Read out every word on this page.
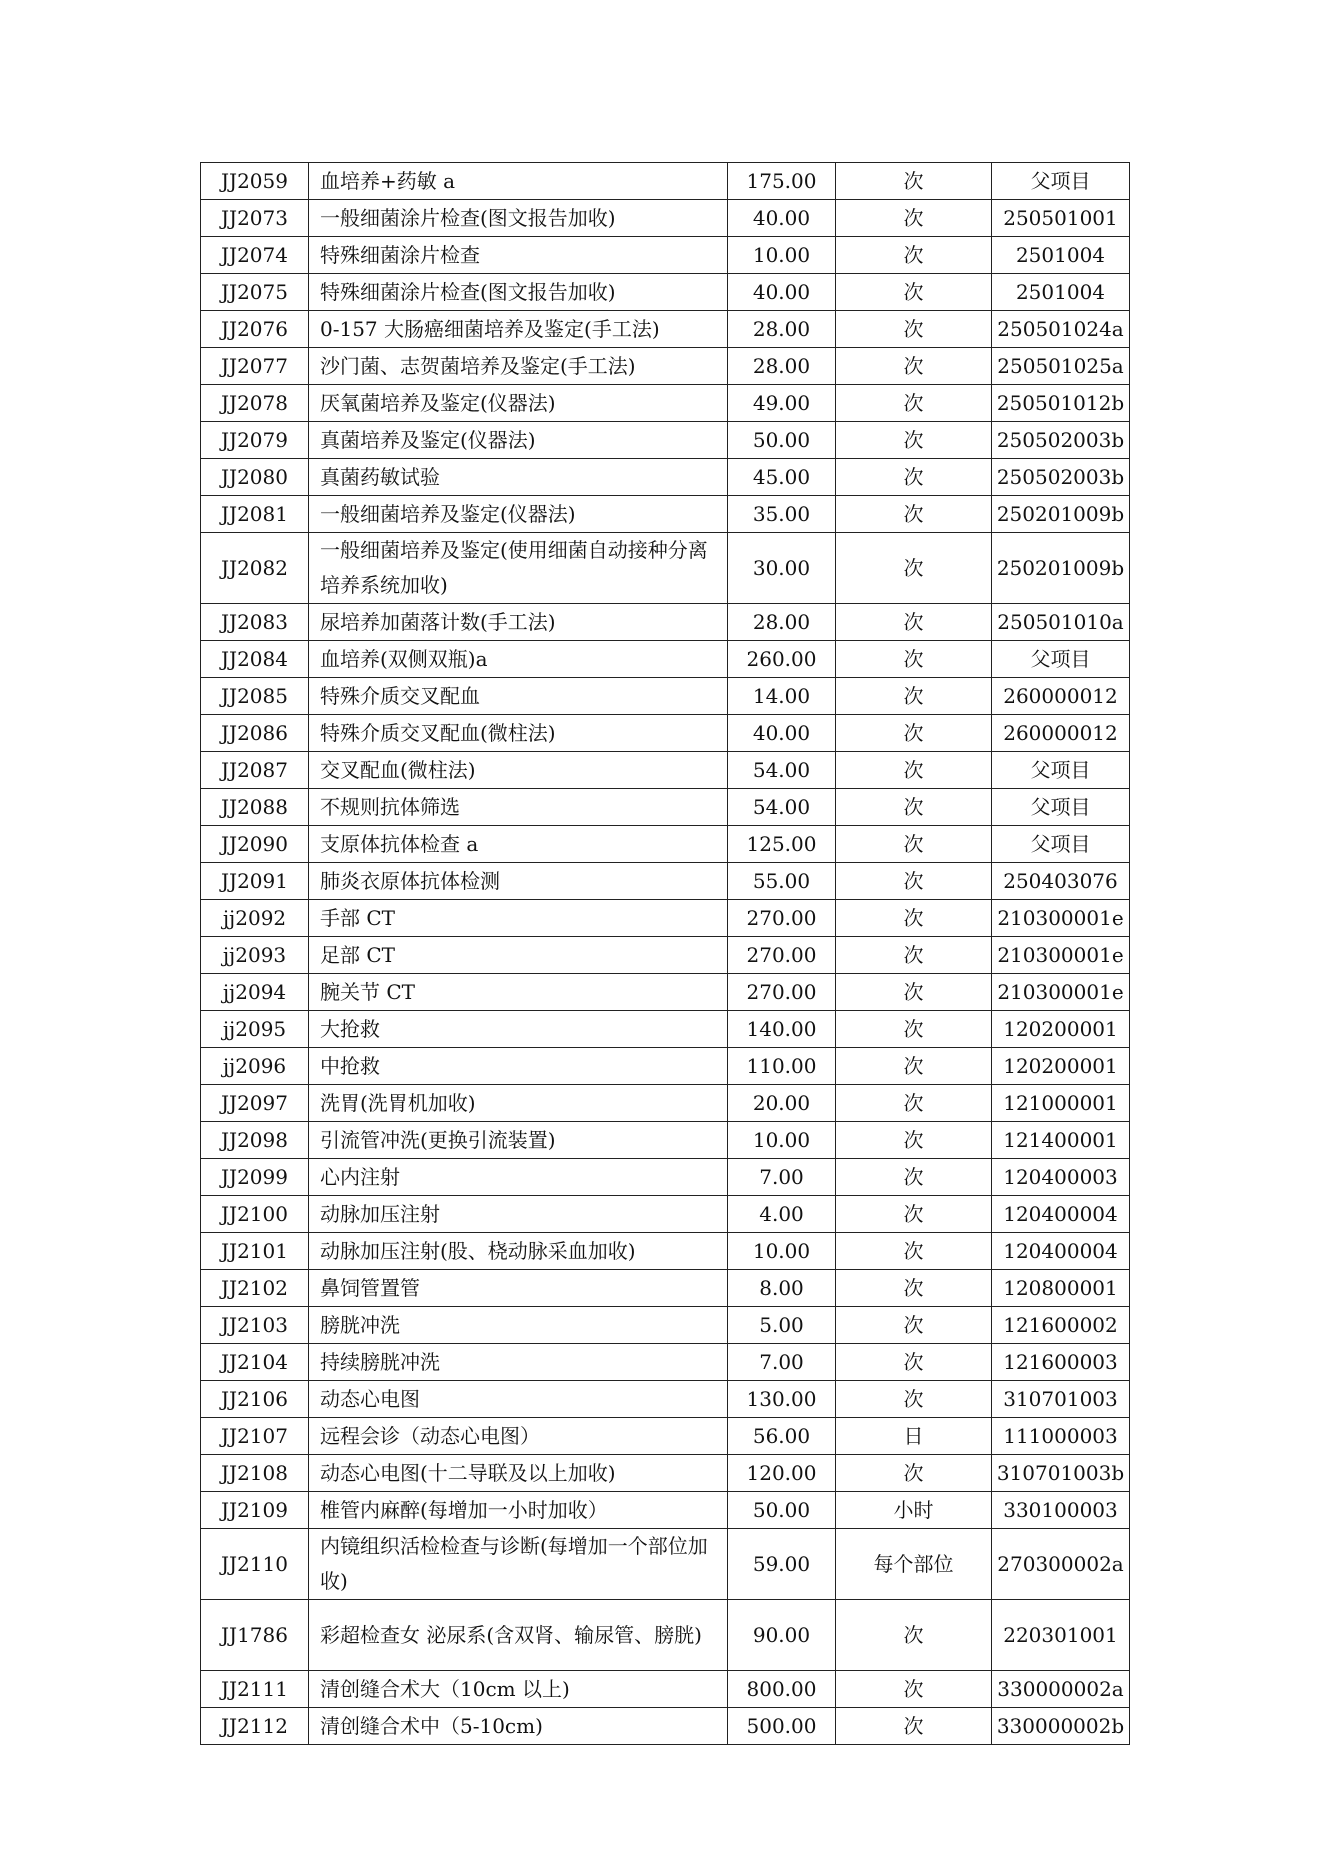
JJ2059	血培养+药敏 a	175.00	次	父项目
JJ2073	一般细菌涂片检查(图文报告加收)	40.00	次	250501001
JJ2074	特殊细菌涂片检查	10.00	次	2501004
JJ2075	特殊细菌涂片检查(图文报告加收)	40.00	次	2501004
JJ2076	0-157 大肠癌细菌培养及鉴定(手工法)	28.00	次	250501024a
JJ2077	沙门菌、志贺菌培养及鉴定(手工法)	28.00	次	250501025a
JJ2078	厌氧菌培养及鉴定(仪器法)	49.00	次	250501012b
JJ2079	真菌培养及鉴定(仪器法)	50.00	次	250502003b
JJ2080	真菌药敏试验	45.00	次	250502003b
JJ2081	一般细菌培养及鉴定(仪器法)	35.00	次	250201009b
JJ2082	一般细菌培养及鉴定(使用细菌自动接种分离培养系统加收)	30.00	次	250201009b
JJ2083	尿培养加菌落计数(手工法)	28.00	次	250501010a
JJ2084	血培养(双侧双瓶)a	260.00	次	父项目
JJ2085	特殊介质交叉配血	14.00	次	260000012
JJ2086	特殊介质交叉配血(微柱法)	40.00	次	260000012
JJ2087	交叉配血(微柱法)	54.00	次	父项目
JJ2088	不规则抗体筛选	54.00	次	父项目
JJ2090	支原体抗体检查 a	125.00	次	父项目
JJ2091	肺炎衣原体抗体检测	55.00	次	250403076
jj2092	手部 CT	270.00	次	210300001e
jj2093	足部 CT	270.00	次	210300001e
jj2094	腕关节 CT	270.00	次	210300001e
jj2095	大抢救	140.00	次	120200001
jj2096	中抢救	110.00	次	120200001
JJ2097	洗胃(洗胃机加收)	20.00	次	121000001
JJ2098	引流管冲洗(更换引流装置)	10.00	次	121400001
JJ2099	心内注射	7.00	次	120400003
JJ2100	动脉加压注射	4.00	次	120400004
JJ2101	动脉加压注射(股、桡动脉采血加收)	10.00	次	120400004
JJ2102	鼻饲管置管	8.00	次	120800001
JJ2103	膀胱冲洗	5.00	次	121600002
JJ2104	持续膀胱冲洗	7.00	次	121600003
JJ2106	动态心电图	130.00	次	310701003
JJ2107	远程会诊（动态心电图）	56.00	日	111000003
JJ2108	动态心电图(十二导联及以上加收)	120.00	次	310701003b
JJ2109	椎管内麻醉(每增加一小时加收）	50.00	小时	330100003
JJ2110	内镜组织活检检查与诊断(每增加一个部位加收)	59.00	每个部位	270300002a
JJ1786	彩超检查女 泌尿系(含双肾、输尿管、膀胱)	90.00	次	220301001
JJ2111	清创缝合术大（10cm 以上)	800.00	次	330000002a
JJ2112	清创缝合术中（5-10cm)	500.00	次	330000002b
